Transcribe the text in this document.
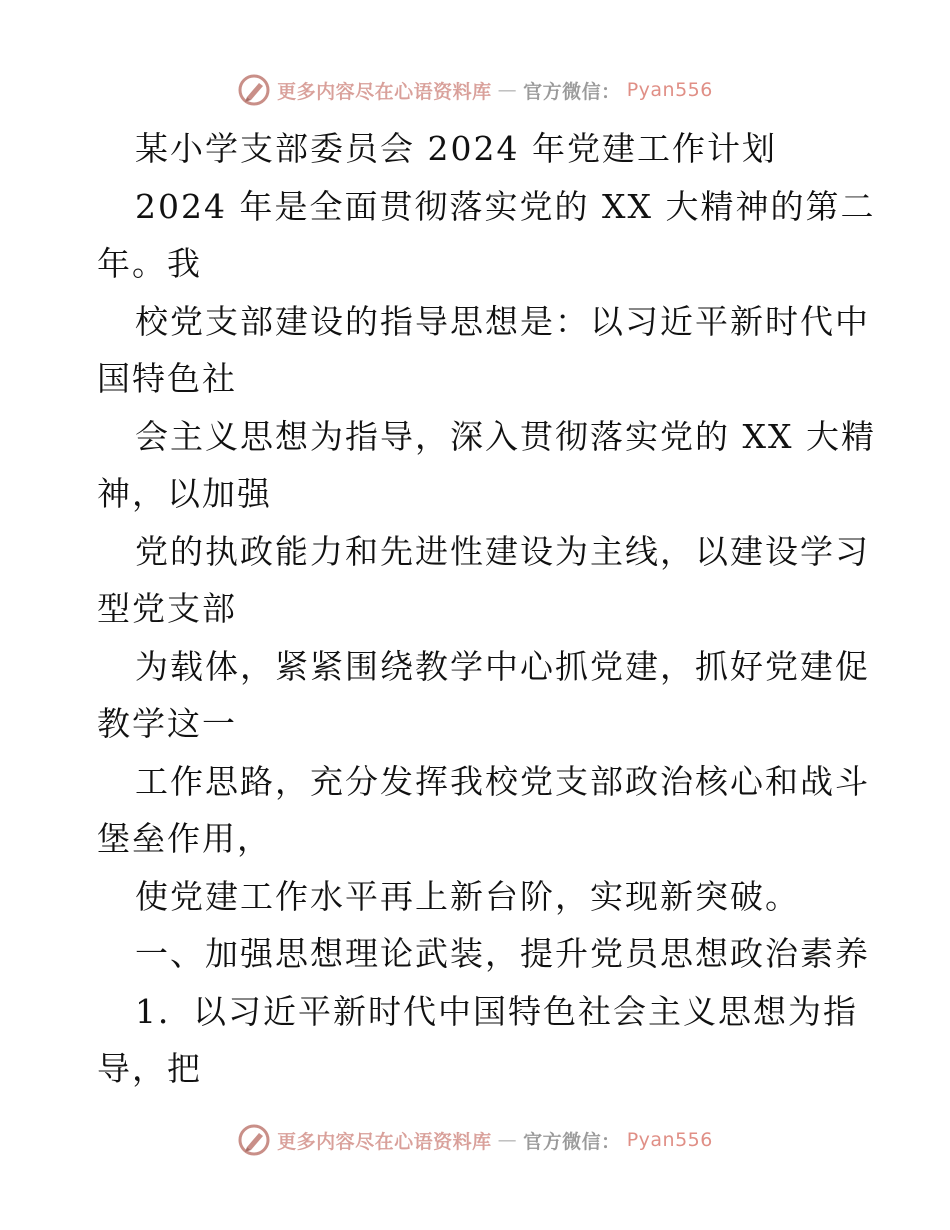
更多内容尽在心语资料库 — 官方微信： Pyan556
某小学支部委员会 2024 年党建工作计划
2024 年是全面贯彻落实党的 XX 大精神的第二
年。我
校党支部建设的指导思想是：以习近平新时代中
国特色社
会主义思想为指导，深入贯彻落实党的 XX 大精
神，以加强
党的执政能力和先进性建设为主线，以建设学习
型党支部
为载体，紧紧围绕教学中心抓党建，抓好党建促
教学这一
工作思路，充分发挥我校党支部政治核心和战斗
堡垒作用，
使党建工作水平再上新台阶，实现新突破。
一、加强思想理论武装，提升党员思想政治素养
1．以习近平新时代中国特色社会主义思想为指
导，把
更多内容尽在心语资料库 — 官方微信： Pyan556
